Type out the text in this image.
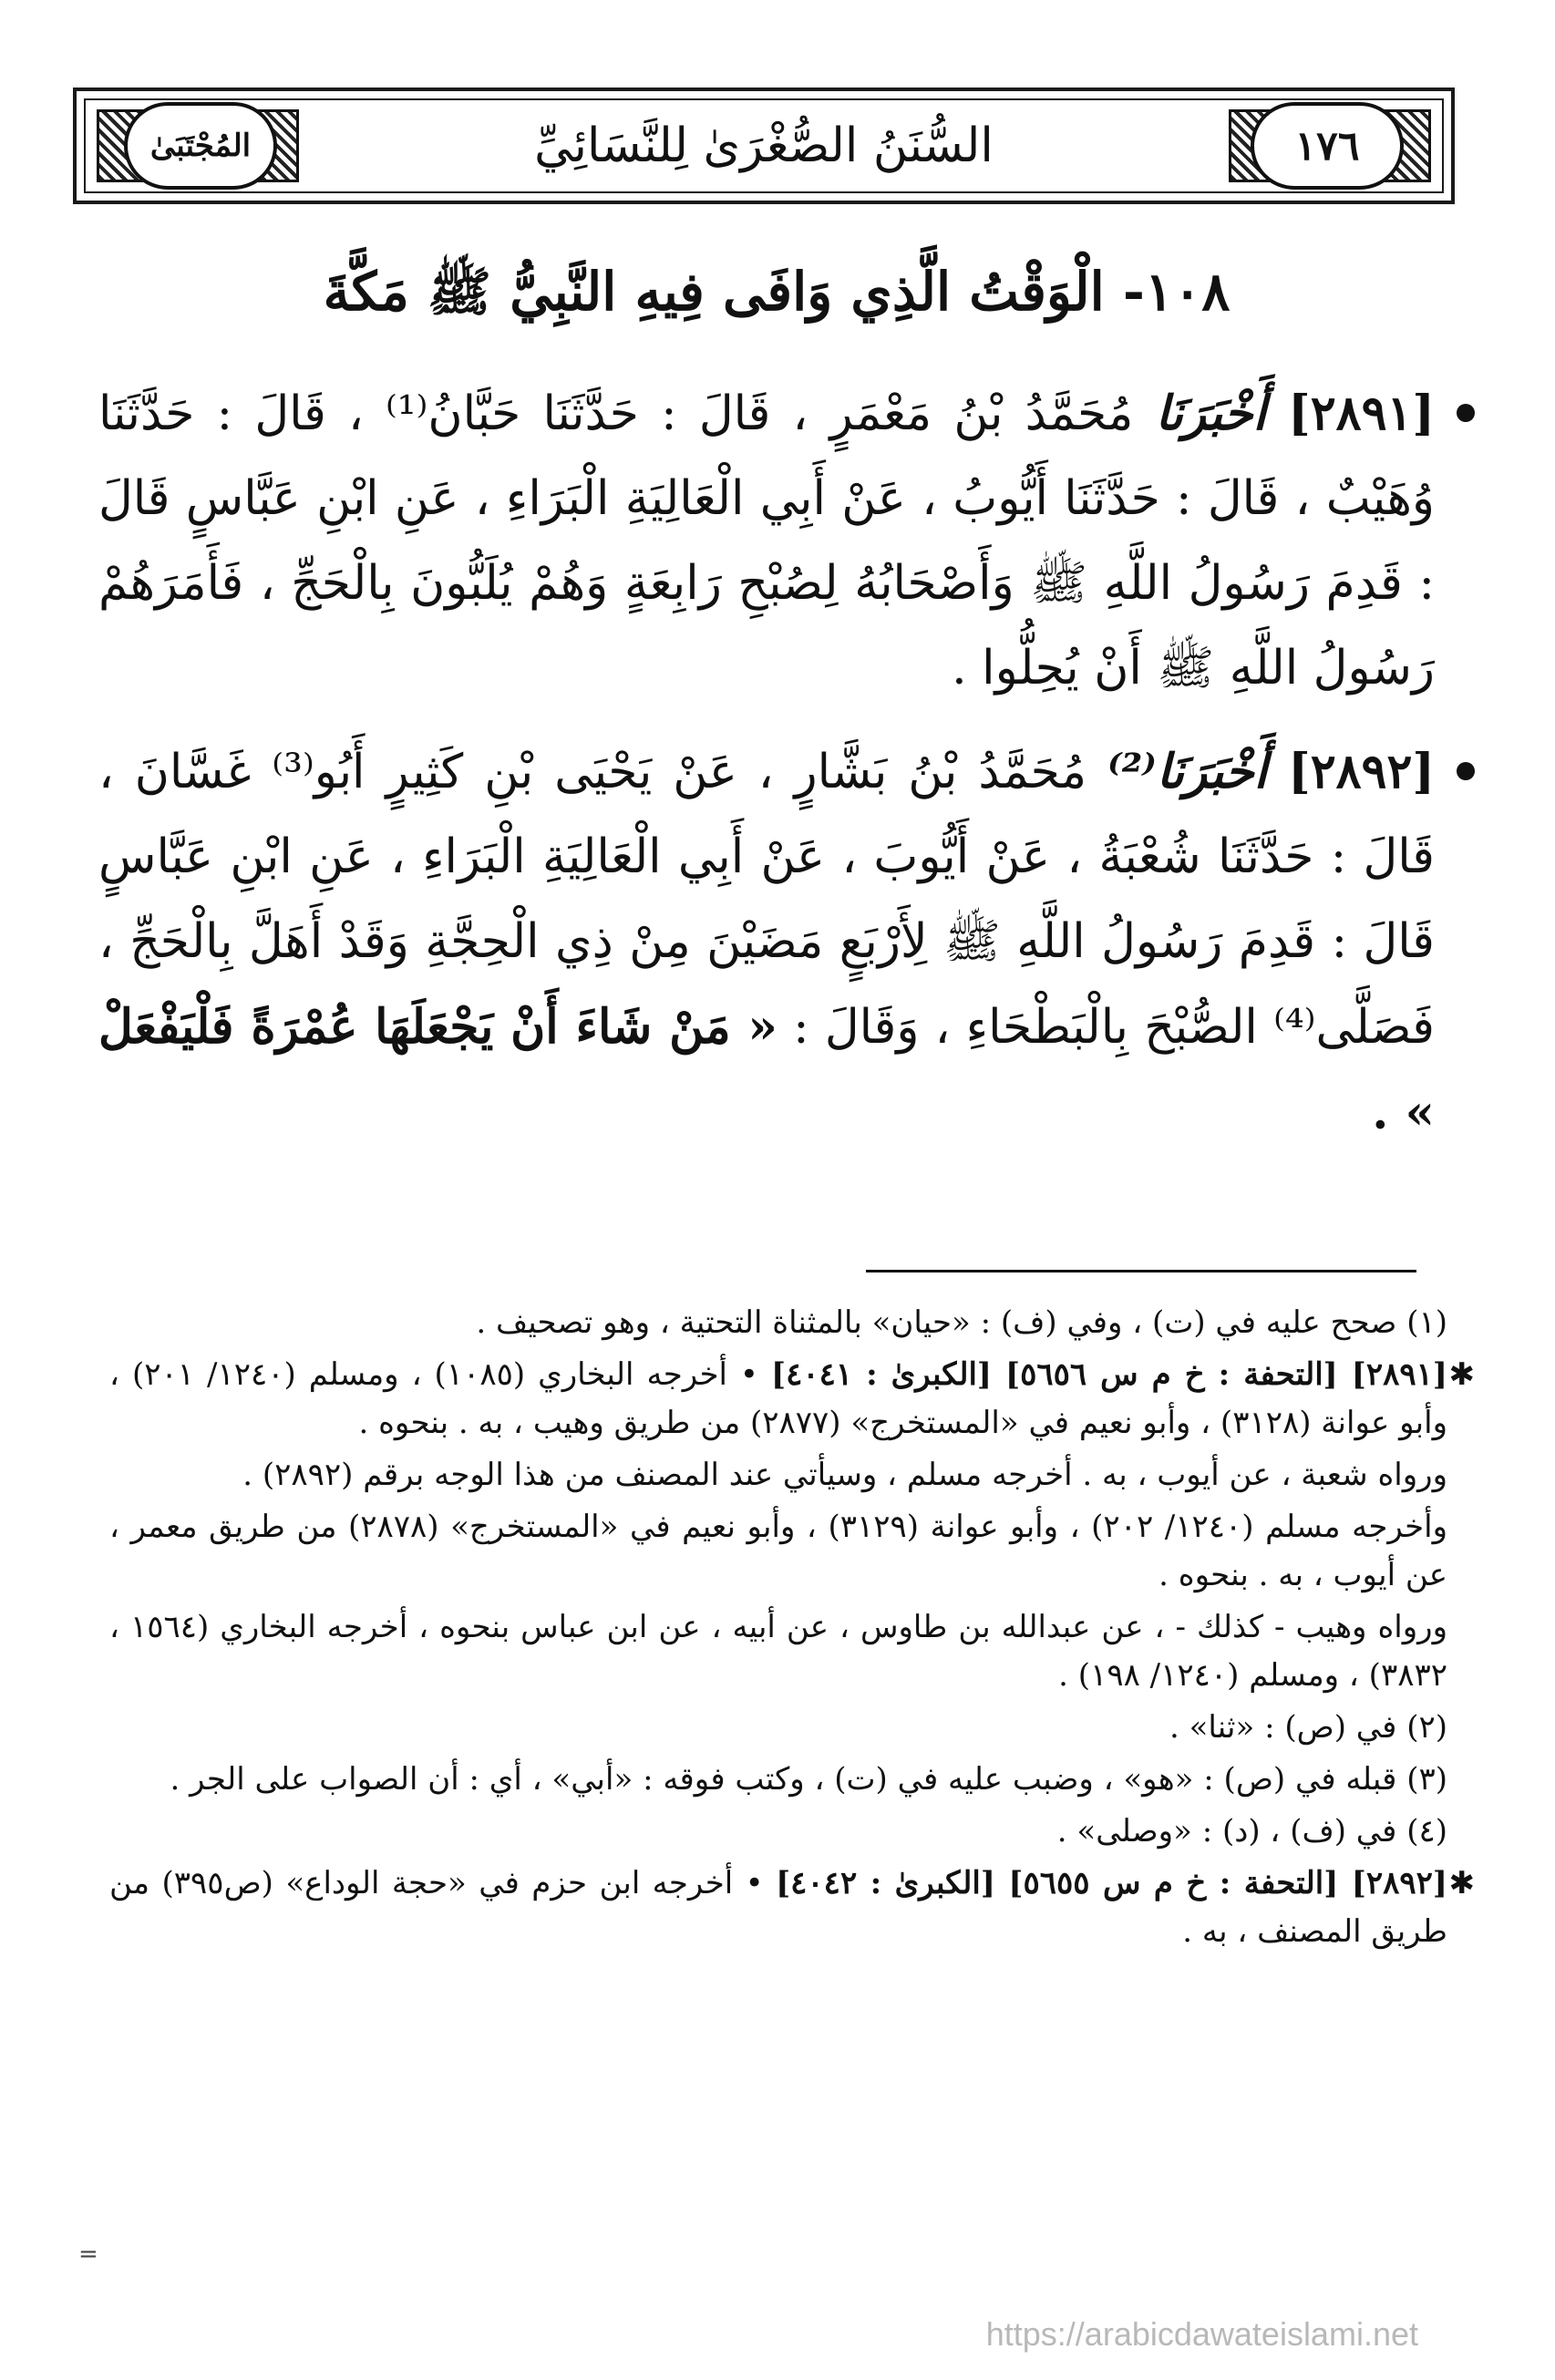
المُجْتَبَىٰ	١٧٦
السُّنَنُ الصُّغْرَىٰ لِلنَّسَائِيِّ
١٠٨- الْوَقْتُ الَّذِي وَافَى فِيهِ النَّبِيُّ ﷺ مَكَّةَ
[٢٨٩١] أَخْبَرَنَا مُحَمَّدُ بْنُ مَعْمَرٍ ، قَالَ : حَدَّثَنَا حَبَّانُ⁽¹⁾ ، قَالَ : حَدَّثَنَا وُهَيْبٌ ، قَالَ : حَدَّثَنَا أَيُّوبُ ، عَنْ أَبِي الْعَالِيَةِ الْبَرَاءِ ، عَنِ ابْنِ عَبَّاسٍ قَالَ : قَدِمَ رَسُولُ اللَّهِ ﷺ وَأَصْحَابُهُ لِصُبْحِ رَابِعَةٍ وَهُمْ يُلَبُّونَ بِالْحَجِّ ، فَأَمَرَهُمْ رَسُولُ اللَّهِ ﷺ أَنْ يُحِلُّوا .
[٢٨٩٢] أَخْبَرَنَا⁽²⁾ مُحَمَّدُ بْنُ بَشَّارٍ ، عَنْ يَحْيَى بْنِ كَثِيرٍ أَبُو⁽³⁾ غَسَّانَ ، قَالَ : حَدَّثَنَا شُعْبَةُ ، عَنْ أَيُّوبَ ، عَنْ أَبِي الْعَالِيَةِ الْبَرَاءِ ، عَنِ ابْنِ عَبَّاسٍ قَالَ : قَدِمَ رَسُولُ اللَّهِ ﷺ لِأَرْبَعٍ مَضَيْنَ مِنْ ذِي الْحِجَّةِ وَقَدْ أَهَلَّ بِالْحَجِّ ، فَصَلَّى⁽⁴⁾ الصُّبْحَ بِالْبَطْحَاءِ ، وَقَالَ : « مَنْ شَاءَ أَنْ يَجْعَلَهَا عُمْرَةً فَلْيَفْعَلْ » .
(١) صحح عليه في (ت) ، وفي (ف) : «حيان» بالمثناة التحتية ، وهو تصحيف .
✱
[٢٨٩١] [التحفة : خ م س ٥٦٥٦] [الكبرىٰ : ٤٠٤١] • أخرجه البخاري (١٠٨٥) ، ومسلم (١٢٤٠/ ٢٠١) ، وأبو عوانة (٣١٢٨) ، وأبو نعيم في «المستخرج» (٢٨٧٧) من طريق وهيب ، به . بنحوه .
ورواه شعبة ، عن أيوب ، به . أخرجه مسلم ، وسيأتي عند المصنف من هذا الوجه برقم (٢٨٩٢) .
وأخرجه مسلم (١٢٤٠/ ٢٠٢) ، وأبو عوانة (٣١٢٩) ، وأبو نعيم في «المستخرج» (٢٨٧٨) من طريق معمر ، عن أيوب ، به . بنحوه .
ورواه وهيب - كذلك - ، عن عبدالله بن طاوس ، عن أبيه ، عن ابن عباس بنحوه ، أخرجه البخاري (١٥٦٤ ، ٣٨٣٢) ، ومسلم (١٢٤٠/ ١٩٨) .
(٢) في (ص) : «ثنا» .
(٣) قبله في (ص) : «هو» ، وضبب عليه في (ت) ، وكتب فوقه : «أبي» ، أي : أن الصواب على الجر .
(٤) في (ف) ، (د) : «وصلى» .
✱
[٢٨٩٢] [التحفة : خ م س ٥٦٥٥] [الكبرىٰ : ٤٠٤٢] • أخرجه ابن حزم في «حجة الوداع» (ص٣٩٥) من طريق المصنف ، به .
=
https://arabicdawateislami.net
